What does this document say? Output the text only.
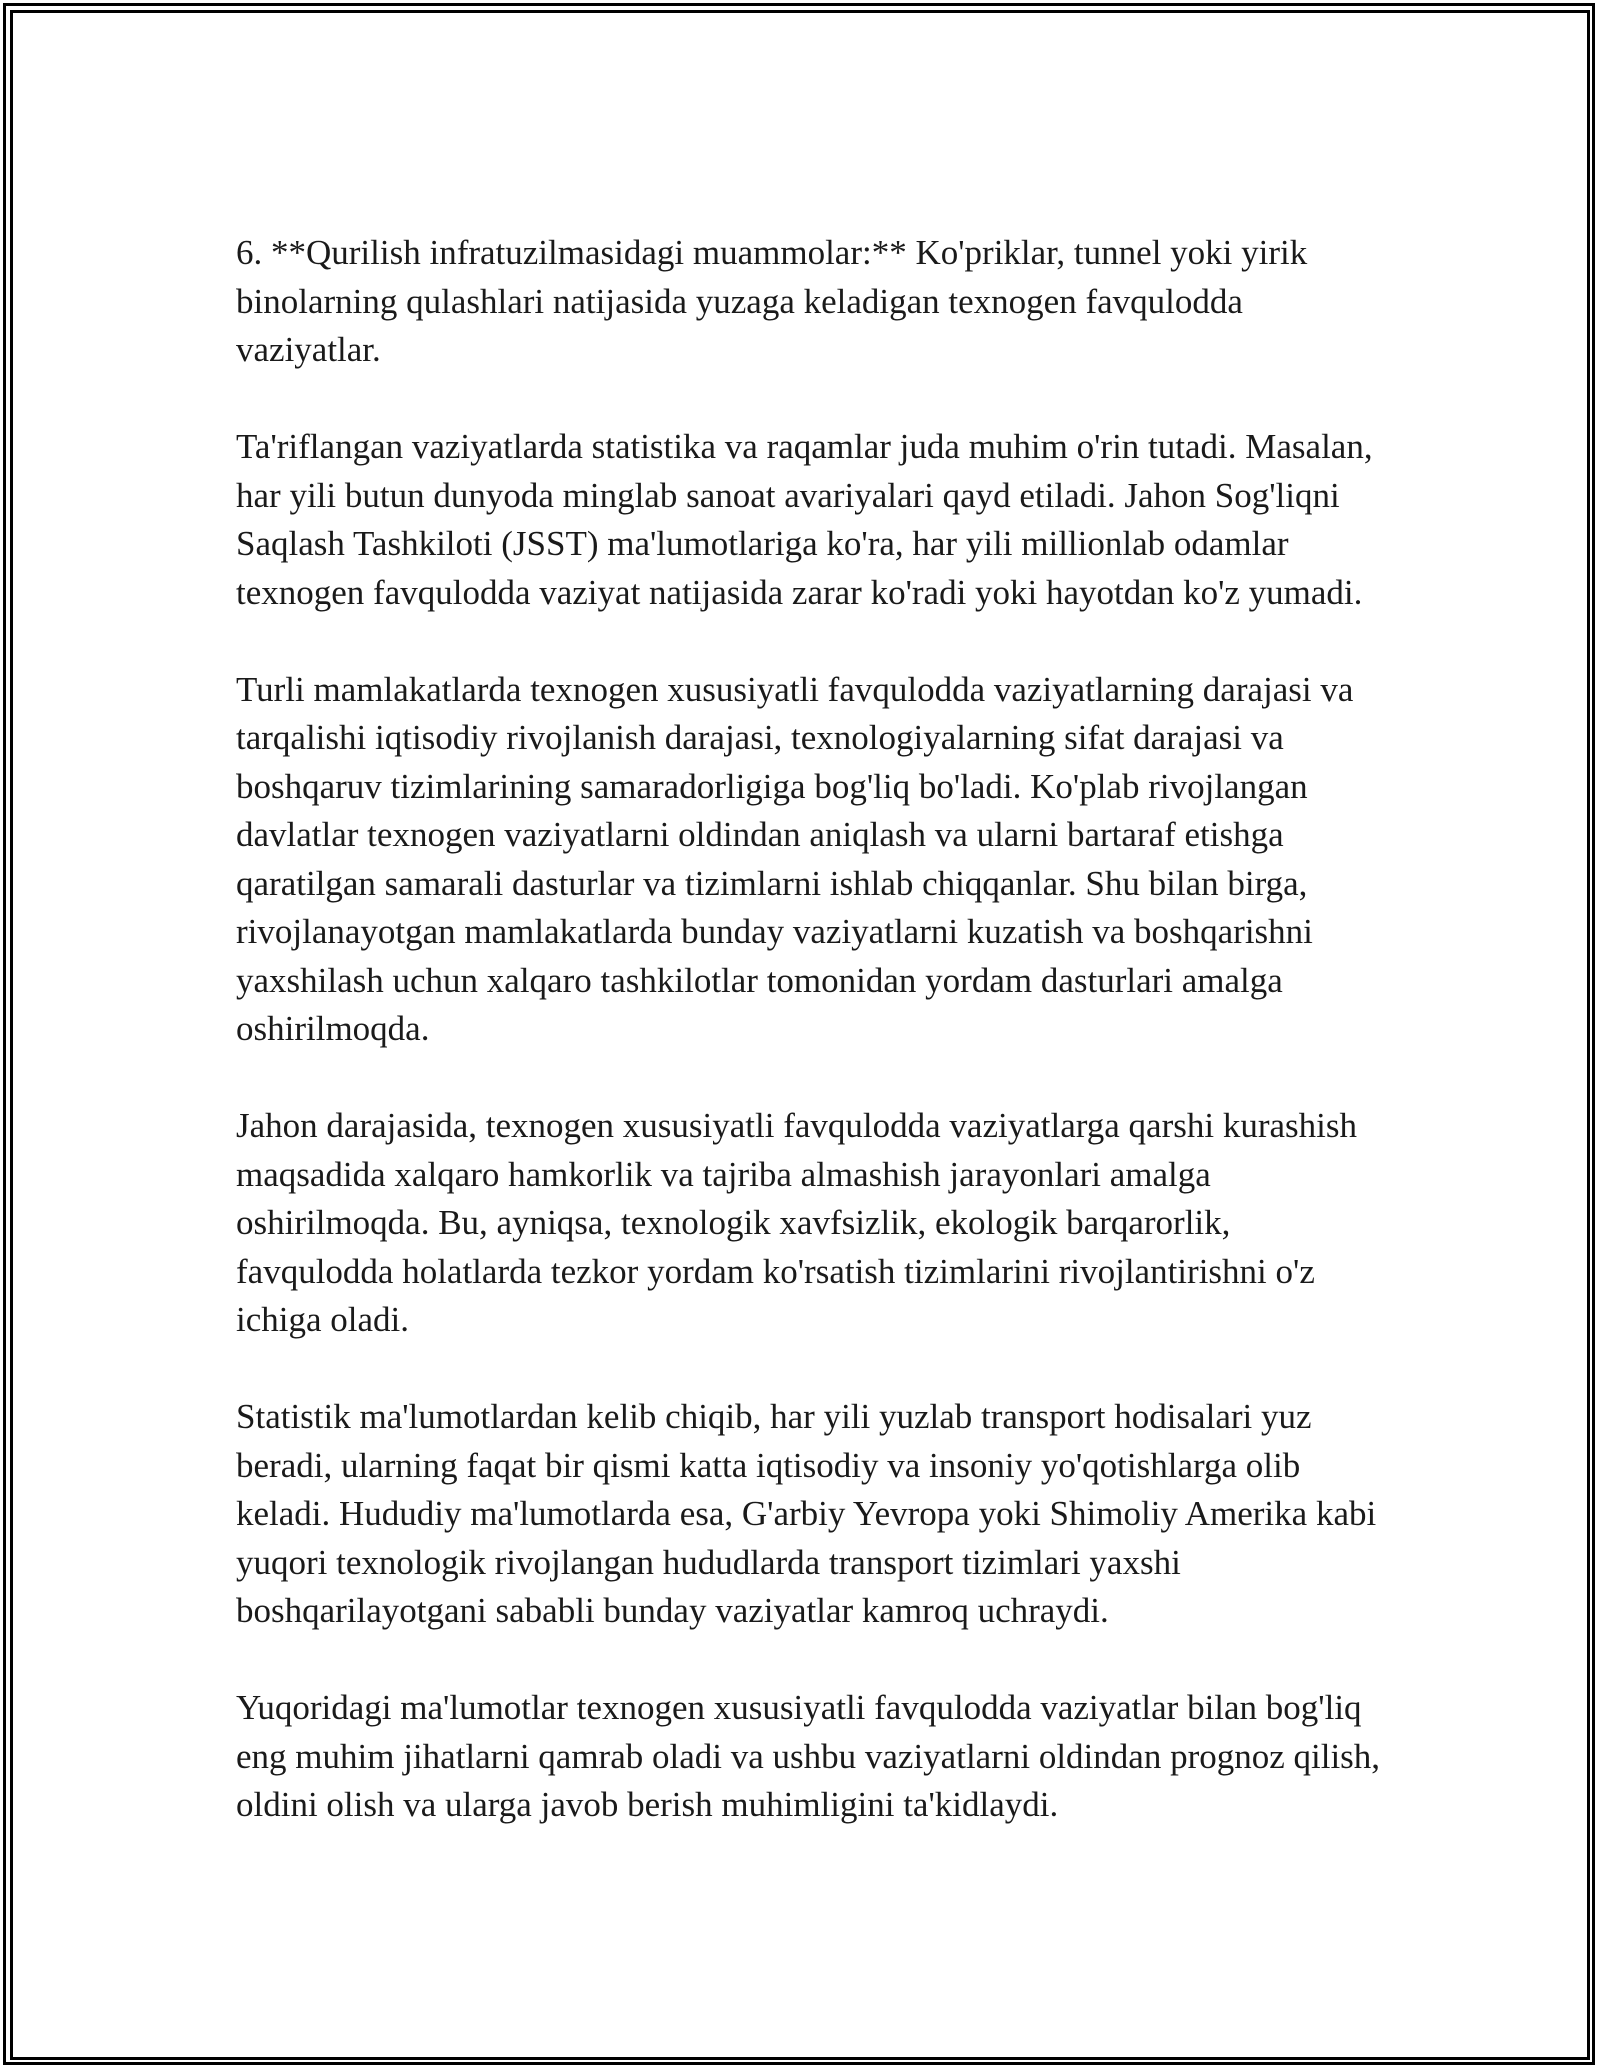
6. **Qurilish infratuzilmasidagi muammolar:** Ko'priklar, tunnel yoki yirik binolarning qulashlari natijasida yuzaga keladigan texnogen favqulodda vaziyatlar.

Ta'riflangan vaziyatlarda statistika va raqamlar juda muhim o'rin tutadi. Masalan, har yili butun dunyoda minglab sanoat avariyalari qayd etiladi. Jahon Sog'liqni Saqlash Tashkiloti (JSST) ma'lumotlariga ko'ra, har yili millionlab odamlar texnogen favqulodda vaziyat natijasida zarar ko'radi yoki hayotdan ko'z yumadi.

Turli mamlakatlarda texnogen xususiyatli favqulodda vaziyatlarning darajasi va tarqalishi iqtisodiy rivojlanish darajasi, texnologiyalarning sifat darajasi va boshqaruv tizimlarining samaradorligiga bog'liq bo'ladi. Ko'plab rivojlangan davlatlar texnogen vaziyatlarni oldindan aniqlash va ularni bartaraf etishga qaratilgan samarali dasturlar va tizimlarni ishlab chiqqanlar. Shu bilan birga, rivojlanayotgan mamlakatlarda bunday vaziyatlarni kuzatish va boshqarishni yaxshilash uchun xalqaro tashkilotlar tomonidan yordam dasturlari amalga oshirilmoqda.

Jahon darajasida, texnogen xususiyatli favqulodda vaziyatlarga qarshi kurashish maqsadida xalqaro hamkorlik va tajriba almashish jarayonlari amalga oshirilmoqda. Bu, ayniqsa, texnologik xavfsizlik, ekologik barqarorlik, favqulodda holatlarda tezkor yordam ko'rsatish tizimlarini rivojlantirishni o'z ichiga oladi.

Statistik ma'lumotlardan kelib chiqib, har yili yuzlab transport hodisalari yuz beradi, ularning faqat bir qismi katta iqtisodiy va insoniy yo'qotishlarga olib keladi. Hududiy ma'lumotlarda esa, G'arbiy Yevropa yoki Shimoliy Amerika kabi yuqori texnologik rivojlangan hududlarda transport tizimlari yaxshi boshqarilayotgani sababli bunday vaziyatlar kamroq uchraydi.

Yuqoridagi ma'lumotlar texnogen xususiyatli favqulodda vaziyatlar bilan bog'liq eng muhim jihatlarni qamrab oladi va ushbu vaziyatlarni oldindan prognoz qilish, oldini olish va ularga javob berish muhimligini ta'kidlaydi.
